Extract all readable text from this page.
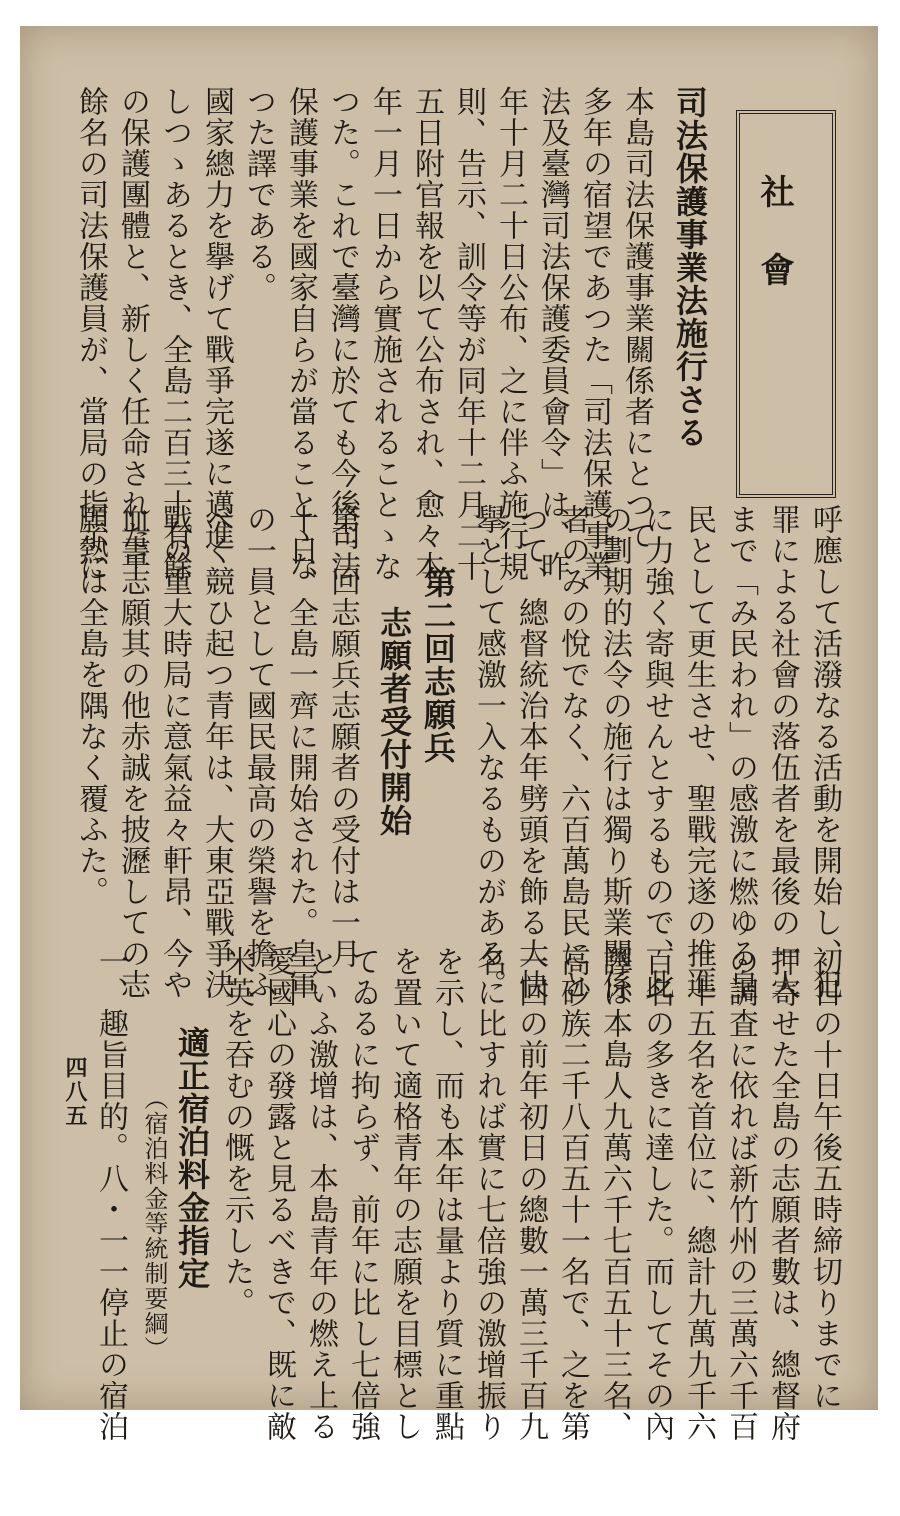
社會
司法保護事業法施行さる
本島司法保護事業關係者にとつて
多年の宿望であつた「司法保護事業
法及臺灣司法保護委員會令」は、昨
年十月二十日公布、之に伴ふ施行規
則、告示、訓令等が同年十二月二十
五日附官報を以て公布され、愈々本
年一月一日から實施されることゝな
つた。これで臺灣に於ても今後司法
保護事業を國家自らが當ることゝな
つた譯である。
國家總力を擧げて戰爭完遂に邁進
しつゝあるとき、全島二百三十有餘
の保護團體と、新しく任命された千
餘名の司法保護員が、當局の指示に
呼應して活潑なる活動を開始し、犯
罪による社會の落伍者を最後の一人
まで「み民われ」の感激に燃ゆる皇
民として更生させ、聖戰完遂の推進
に力強く寄與せんとするもので、此
の劃期的法令の施行は獨り斯業關係
者のみの悅でなく、六百萬島民にと
つて、總督統治本年劈頭を飾る大快
擧として感激一入なるものがある。
第二回志願兵
志願者受付開始
第二回志願兵志願者の受付は一月
十日、全島一齊に開始された。皇軍
の一員として國民最高の榮譽を擔ふ
べく競ひ起つ青年は、大東亞戰爭決
戰の重大時局に意氣益々軒昂、今や
血書志願其の他赤誠を披瀝しての志
願熱は全島を隅なく覆ふた。
初日の十日午後五時締切りまでに
押寄せた全島の志願者數は、總督府
の調査に依れば新竹州の三萬六千百
二十五名を首位に、總計九萬九千六
百名の多きに達した。而してその內
譯は本島人九萬六千七百五十三名、
高砂族二千八百五十一名で、之を第
一回の前年初日の總數一萬三千百九
名に比すれば實に七倍強の激增振り
を示し、而も本年は量より質に重點
を置いて適格青年の志願を目標とし
てゐるに拘らず、前年に比し七倍強
といふ激增は、本島青年の燃え上る
愛國心の發露と見るべきで、既に敵
米英を吞むの慨を示した。
適正宿泊料金指定
（宿泊料金等統制要綱）
一、趣旨目的。八・一一停止の宿泊
四八五
